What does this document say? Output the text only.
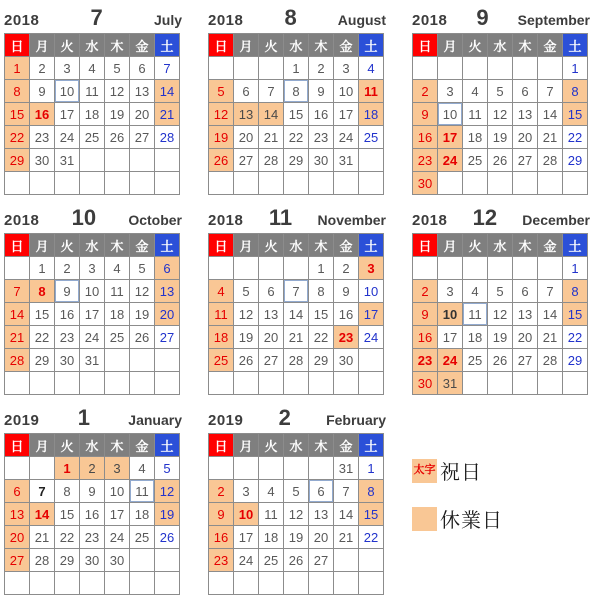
2018	7	July
日	月	火	水	木	金	土
1	2	3	4	5	6	7
8	9	10	11	12	13	14
15	16	17	18	19	20	21
22	23	24	25	26	27	28
29	30	31				

2018	8	August
日	月	火	水	木	金	土
			1	2	3	4
5	6	7	8	9	10	11
12	13	14	15	16	17	18
19	20	21	22	23	24	25
26	27	28	29	30	31	

2018	9	September
日	月	火	水	木	金	土
						1
2	3	4	5	6	7	8
9	10	11	12	13	14	15
16	17	18	19	20	21	22
23	24	25	26	27	28	29
30						
2018	10	October
日	月	火	水	木	金	土
	1	2	3	4	5	6
7	8	9	10	11	12	13
14	15	16	17	18	19	20
21	22	23	24	25	26	27
28	29	30	31			

2018	11	November
日	月	火	水	木	金	土
				1	2	3
4	5	6	7	8	9	10
11	12	13	14	15	16	17
18	19	20	21	22	23	24
25	26	27	28	29	30	

2018	12	December
日	月	火	水	木	金	土
						1
2	3	4	5	6	7	8
9	10	11	12	13	14	15
16	17	18	19	20	21	22
23	24	25	26	27	28	29
30	31					
2019	1	January
日	月	火	水	木	金	土
		1	2	3	4	5
6	7	8	9	10	11	12
13	14	15	16	17	18	19
20	21	22	23	24	25	26
27	28	29	30	30		

2019	2	February
日	月	火	水	木	金	土
					31	1
2	3	4	5	6	7	8
9	10	11	12	13	14	15
16	17	18	19	20	21	22
23	24	25	26	27		

太字 祝日
休業日
